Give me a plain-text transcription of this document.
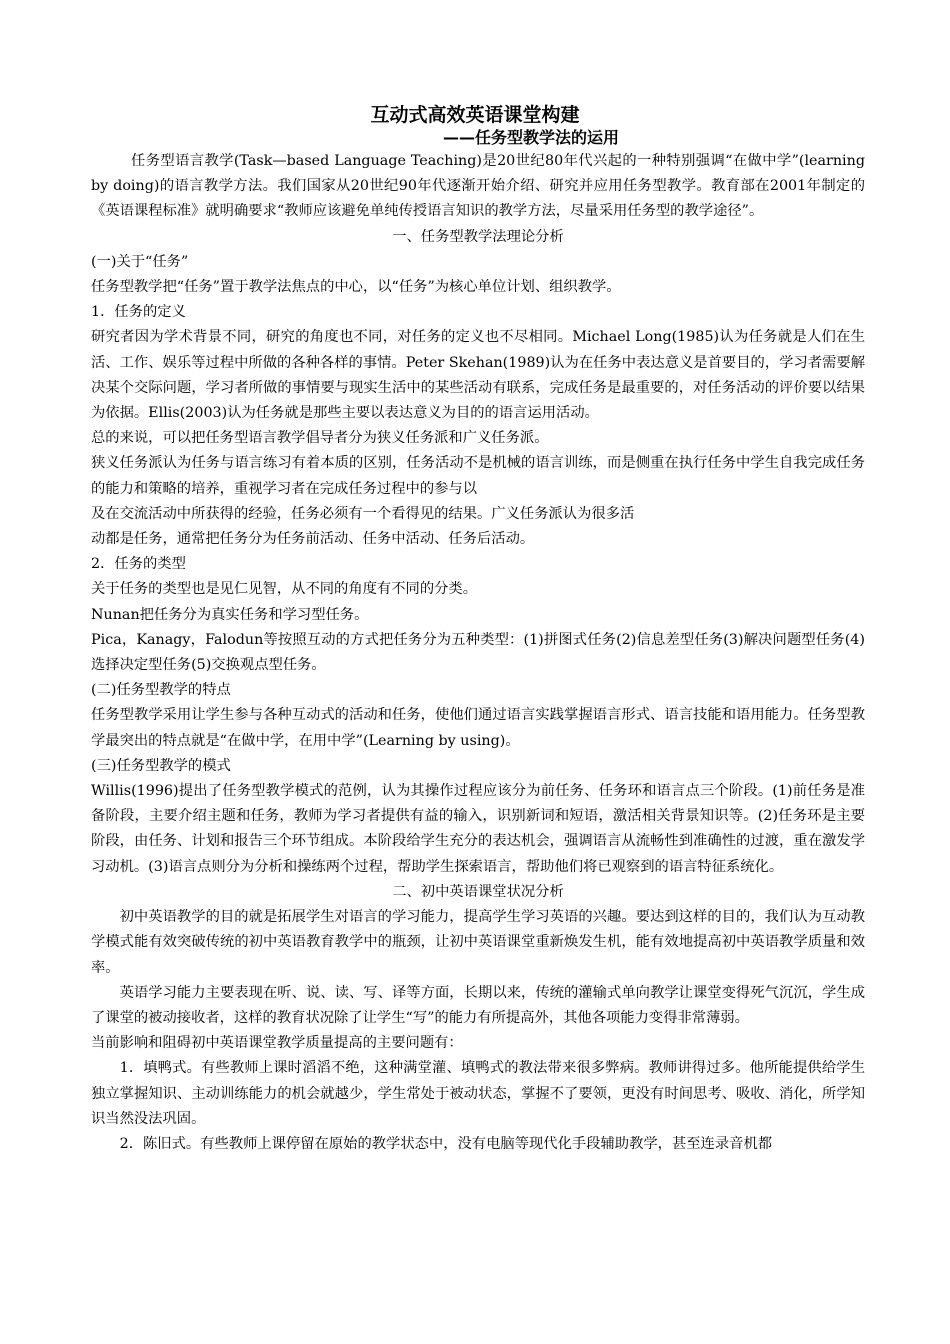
互动式高效英语课堂构建
——任务型教学法的运用

任务型语言教学(Task—based Language Teaching)是20世纪80年代兴起的一种特别强调“在做中学”(learning by doing)的语言教学方法。我们国家从20世纪90年代逐渐开始介绍、研究并应用任务型教学。教育部在2001年制定的《英语课程标准》就明确要求“教师应该避免单纯传授语言知识的教学方法，尽量采用任务型的教学途径”。

一、任务型教学法理论分析

(一)关于“任务”

任务型教学把“任务”置于教学法焦点的中心，以“任务”为核心单位计划、组织教学。

1．任务的定义

研究者因为学术背景不同，研究的角度也不同，对任务的定义也不尽相同。Michael Long(1985)认为任务就是人们在生活、工作、娱乐等过程中所做的各种各样的事情。Peter Skehan(1989)认为在任务中表达意义是首要目的，学习者需要解决某个交际问题，学习者所做的事情要与现实生活中的某些活动有联系，完成任务是最重要的，对任务活动的评价要以结果为依据。Ellis(2003)认为任务就是那些主要以表达意义为目的的语言运用活动。

总的来说，可以把任务型语言教学倡导者分为狭义任务派和广义任务派。

狭义任务派认为任务与语言练习有着本质的区别，任务活动不是机械的语言训练，而是侧重在执行任务中学生自我完成任务的能力和策略的培养，重视学习者在完成任务过程中的参与以

及在交流活动中所获得的经验，任务必须有一个看得见的结果。广义任务派认为很多活

动都是任务，通常把任务分为任务前活动、任务中活动、任务后活动。

2．任务的类型

关于任务的类型也是见仁见智，从不同的角度有不同的分类。

Nunan把任务分为真实任务和学习型任务。

Pica，Kanagy，Falodun等按照互动的方式把任务分为五种类型：(1)拼图式任务(2)信息差型任务(3)解决问题型任务(4)选择决定型任务(5)交换观点型任务。

(二)任务型教学的特点

任务型教学采用让学生参与各种互动式的活动和任务，使他们通过语言实践掌握语言形式、语言技能和语用能力。任务型教学最突出的特点就是“在做中学，在用中学”(Learning by using)。

(三)任务型教学的模式

Willis(1996)提出了任务型教学模式的范例，认为其操作过程应该分为前任务、任务环和语言点三个阶段。(1)前任务是准备阶段，主要介绍主题和任务，教师为学习者提供有益的输入，识别新词和短语，激活相关背景知识等。(2)任务环是主要阶段，由任务、计划和报告三个环节组成。本阶段给学生充分的表达机会，强调语言从流畅性到准确性的过渡，重在激发学习动机。(3)语言点则分为分析和操练两个过程，帮助学生探索语言，帮助他们将已观察到的语言特征系统化。

二、初中英语课堂状况分析

初中英语教学的目的就是拓展学生对语言的学习能力，提高学生学习英语的兴趣。要达到这样的目的，我们认为互动教学模式能有效突破传统的初中英语教育教学中的瓶颈，让初中英语课堂重新焕发生机，能有效地提高初中英语教学质量和效率。

英语学习能力主要表现在听、说、读、写、译等方面，长期以来，传统的灌输式单向教学让课堂变得死气沉沉，学生成了课堂的被动接收者，这样的教育状况除了让学生“写”的能力有所提高外，其他各项能力变得非常薄弱。

当前影响和阻碍初中英语课堂教学质量提高的主要问题有：

1．填鸭式。有些教师上课时滔滔不绝，这种满堂灌、填鸭式的教法带来很多弊病。教师讲得过多。他所能提供给学生独立掌握知识、主动训练能力的机会就越少，学生常处于被动状态，掌握不了要领，更没有时间思考、吸收、消化，所学知识当然没法巩固。

2．陈旧式。有些教师上课停留在原始的教学状态中，没有电脑等现代化手段辅助教学，甚至连录音机都
